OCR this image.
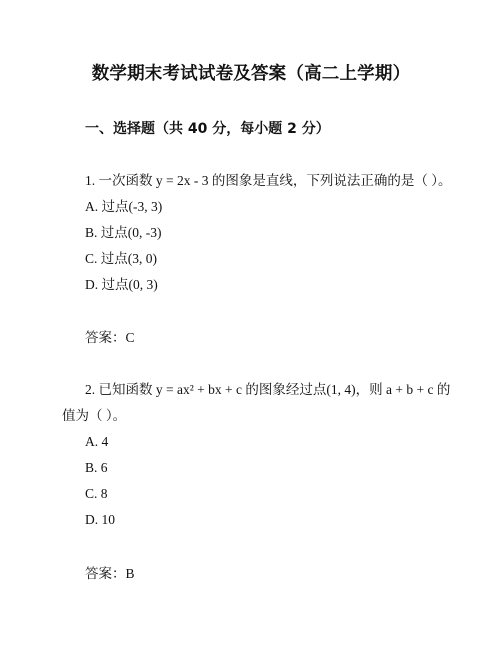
数学期末考试试卷及答案（高二上学期）
一、选择题（共 40 分，每小题 2 分）
1. 一次函数 y = 2x - 3 的图象是直线，下列说法正确的是（ ）。
A. 过点(-3, 3)
B. 过点(0, -3)
C. 过点(3, 0)
D. 过点(0, 3)
答案：C
2. 已知函数 y = ax² + bx + c 的图象经过点(1, 4)，则 a + b + c 的
值为（ ）。
A. 4
B. 6
C. 8
D. 10
答案：B
